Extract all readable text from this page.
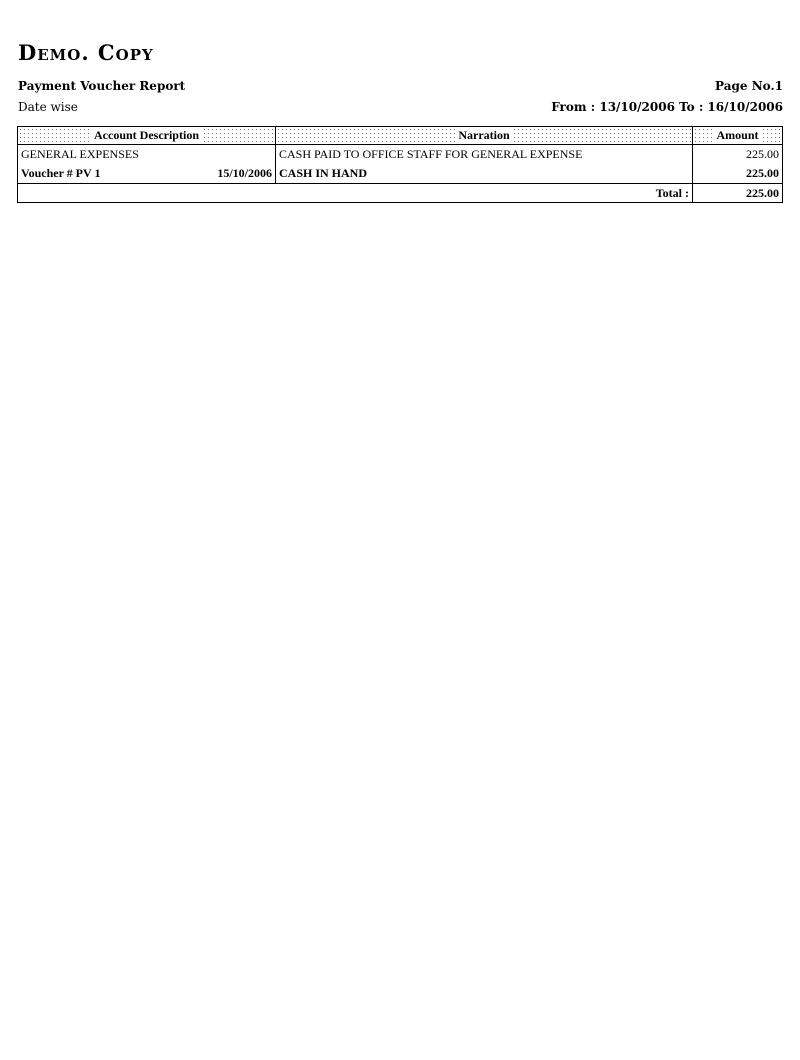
Demo. Copy
Payment Voucher Report	Page No.1
Date wise	From : 13/10/2006 To : 16/10/2006
Account Description	Narration	Amount
GENERAL EXPENSES	CASH PAID TO OFFICE STAFF FOR GENERAL EXPENSE	225.00

Voucher # PV 1 15/10/2006	CASH IN HAND	225.00
Total :		225.00
